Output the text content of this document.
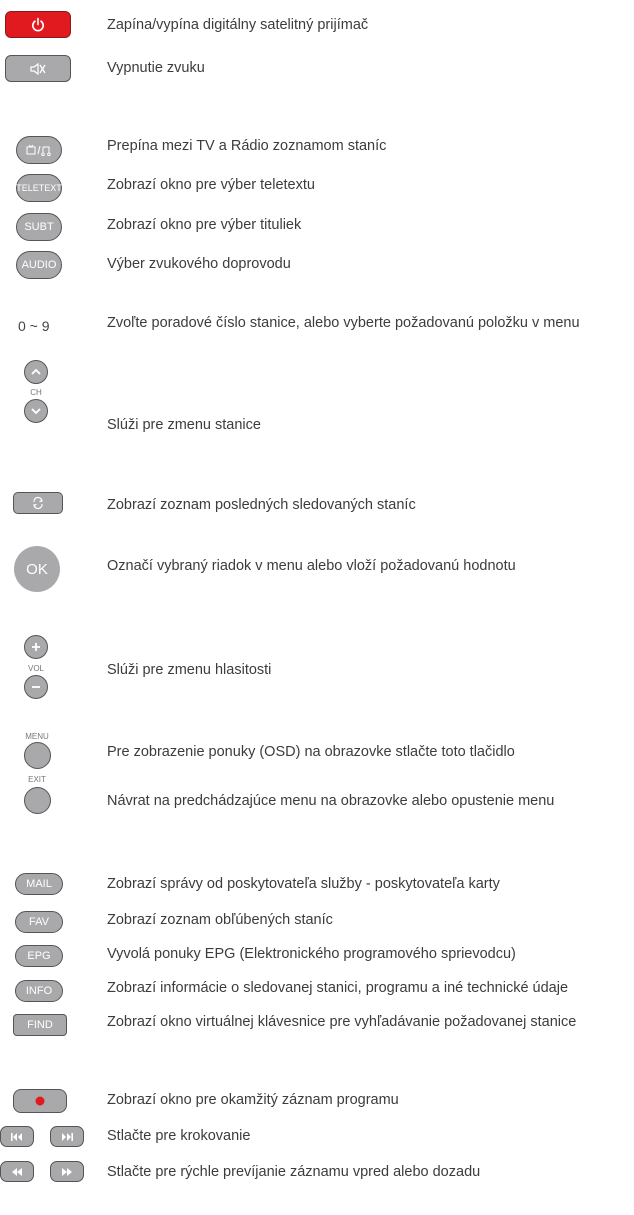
Zapína/vypína digitálny satelitný prijímač
Vypnutie zvuku
Prepína mezi TV a Rádio zoznamom staníc
TELETEXT	Zobrazí okno pre výber teletextu
SUBT	Zobrazí okno pre výber tituliek
AUDIO	Výber zvukového doprovodu
0 ~ 9	Zvoľte poradové číslo stanice, alebo vyberte požadovanú položku v menu
CH
Slúži pre zmenu stanice
Zobrazí zoznam posledných sledovaných staníc
OK	Označí vybraný riadok v menu alebo vloží požadovanú hodnotu
VOL	Slúži pre zmenu hlasitosti
MENU
Pre zobrazenie ponuky (OSD) na obrazovke stlačte toto tlačidlo
EXIT
Návrat na predchádzajúce menu na obrazovke alebo opustenie menu
MAIL	Zobrazí správy od poskytovateľa služby - poskytovateľa karty
FAV	Zobrazí zoznam obľúbených staníc
EPG	Vyvolá ponuky EPG (Elektronického programového sprievodcu)
INFO	Zobrazí informácie o sledovanej stanici, programu a iné technické údaje
FIND	Zobrazí okno virtuálnej klávesnice pre vyhľadávanie požadovanej stanice
Zobrazí okno pre okamžitý záznam programu
Stlačte pre krokovanie
Stlačte pre rýchle prevíjanie záznamu vpred alebo dozadu
